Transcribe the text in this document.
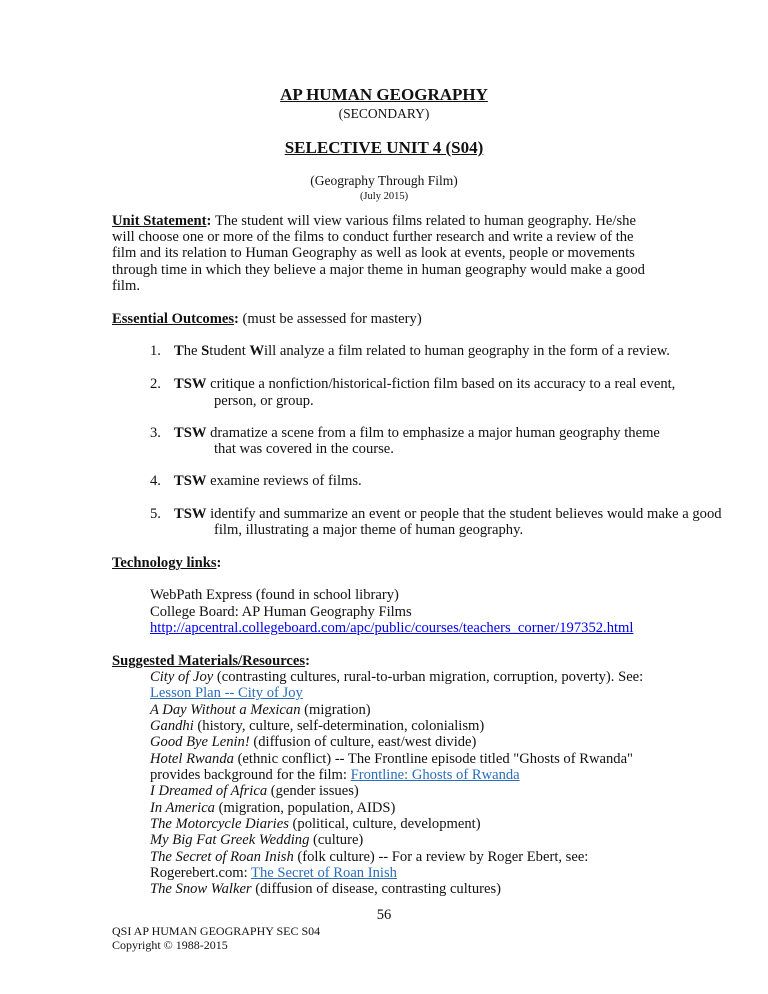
AP HUMAN GEOGRAPHY
(SECONDARY)
SELECTIVE UNIT 4 (S04)
(Geography Through Film)
(July 2015)
Unit Statement: The student will view various films related to human geography. He/she
will choose one or more of the films to conduct further research and write a review of the
film and its relation to Human Geography as well as look at events, people or movements
through time in which they believe a major theme in human geography would make a good
film.
Essential Outcomes: (must be assessed for mastery)
1. The Student Will analyze a film related to human geography in the form of a review.
2. TSW critique a nonfiction/historical-fiction film based on its accuracy to a real event,
person, or group.
3. TSW dramatize a scene from a film to emphasize a major human geography theme
that was covered in the course.
4. TSW examine reviews of films.
5. TSW identify and summarize an event or people that the student believes would make a good
film, illustrating a major theme of human geography.
Technology links:
WebPath Express (found in school library)
College Board: AP Human Geography Films
http://apcentral.collegeboard.com/apc/public/courses/teachers_corner/197352.html
Suggested Materials/Resources:
City of Joy (contrasting cultures, rural-to-urban migration, corruption, poverty). See:
Lesson Plan -- City of Joy
A Day Without a Mexican (migration)
Gandhi (history, culture, self-determination, colonialism)
Good Bye Lenin! (diffusion of culture, east/west divide)
Hotel Rwanda (ethnic conflict) -- The Frontline episode titled "Ghosts of Rwanda"
provides background for the film: Frontline: Ghosts of Rwanda
I Dreamed of Africa (gender issues)
In America (migration, population, AIDS)
The Motorcycle Diaries (political, culture, development)
My Big Fat Greek Wedding (culture)
The Secret of Roan Inish (folk culture) -- For a review by Roger Ebert, see:
Rogerebert.com: The Secret of Roan Inish
The Snow Walker (diffusion of disease, contrasting cultures)
56
QSI AP HUMAN GEOGRAPHY SEC S04
Copyright © 1988-2015
